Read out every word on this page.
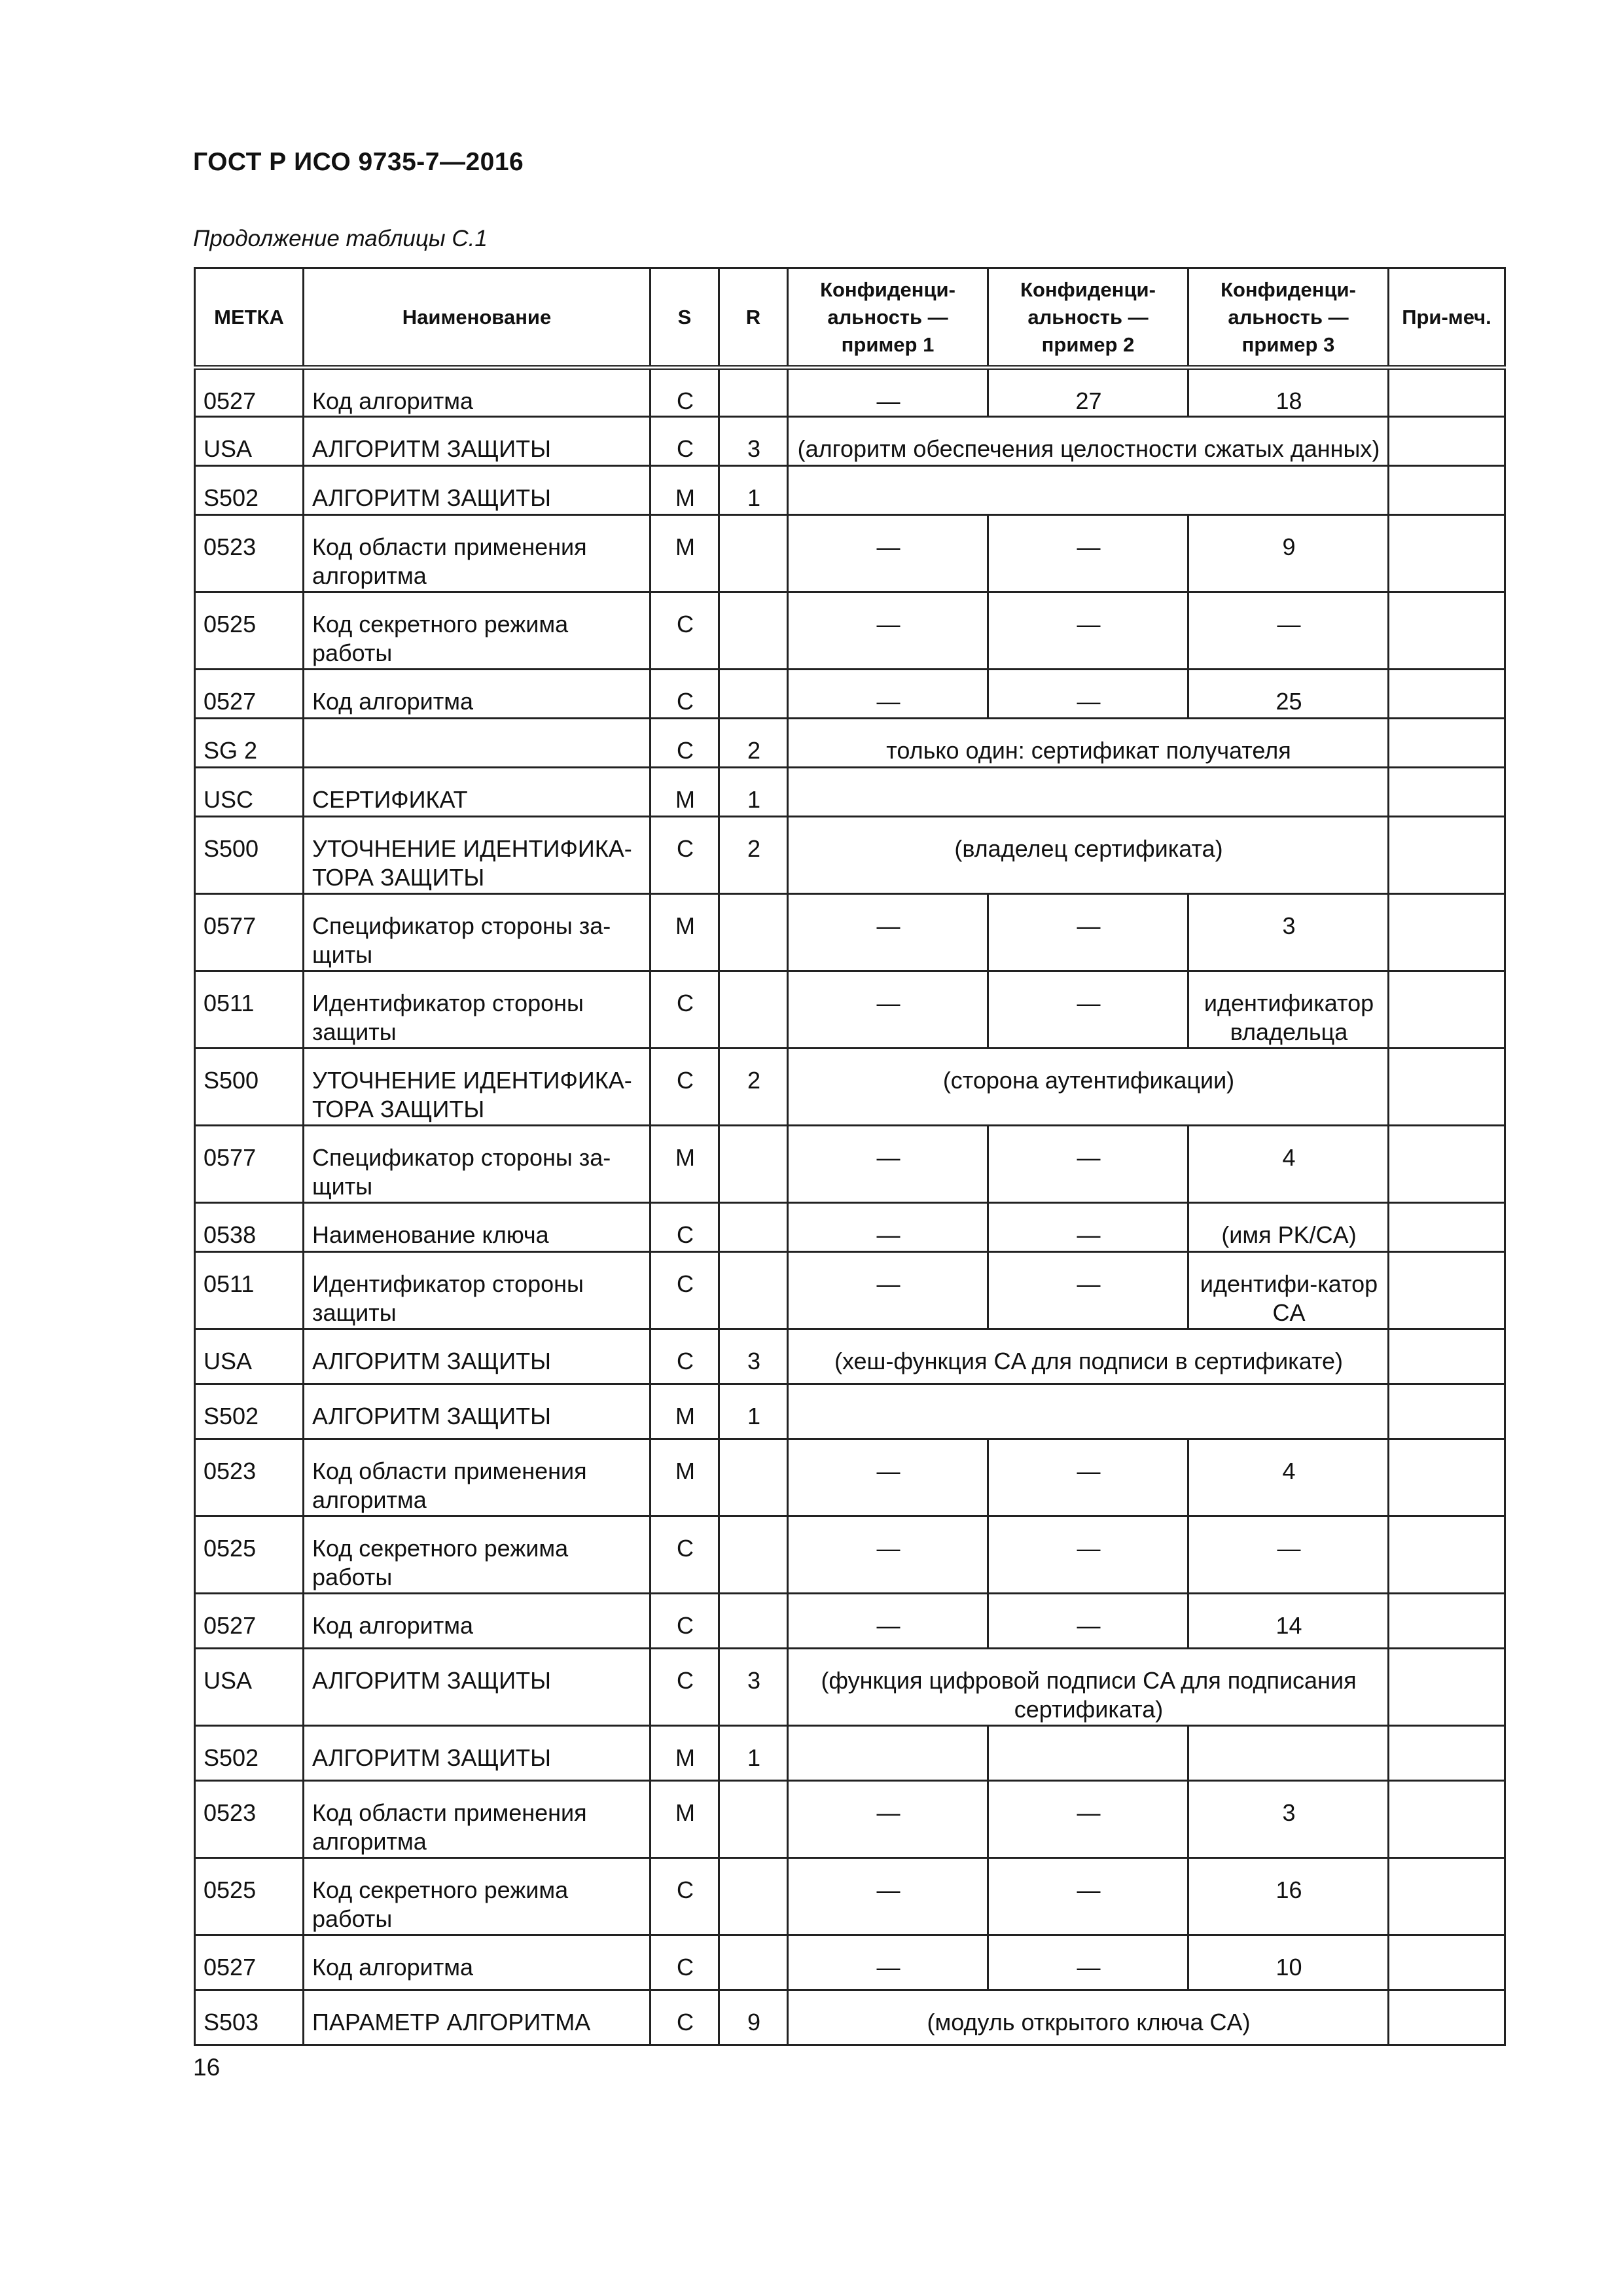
ГОСТ Р ИСО 9735-7—2016
Продолжение таблицы С.1
МЕТКА	Наименование	S	R	Конфиденци-альность — пример 1	Конфиденци-альность — пример 2	Конфиденци-альность — пример 3	При-меч.
0527	Код алгоритма	C		—	27	18	
USA	АЛГОРИТМ ЗАЩИТЫ	C	3	(алгоритм обеспечения целостности сжатых данных)			
S502	АЛГОРИТМ ЗАЩИТЫ	M	1				
0523	Код области применения алгоритма	M		—	—	9	
0525	Код секретного режима работы	C		—	—	—	
0527	Код алгоритма	C		—	—	25	
SG 2		C	2	только один: сертификат получателя			
USC	СЕРТИФИКАТ	M	1				
S500	УТОЧНЕНИЕ ИДЕНТИФИКА-ТОРА ЗАЩИТЫ	C	2	(владелец сертификата)			
0577	Спецификатор стороны за-щиты	M		—	—	3	
0511	Идентификатор стороны защиты	C		—	—	идентификатор владельца	
S500	УТОЧНЕНИЕ ИДЕНТИФИКА-ТОРА ЗАЩИТЫ	C	2	(сторона аутентификации)			
0577	Спецификатор стороны за-щиты	M		—	—	4	
0538	Наименование ключа	C		—	—	(имя PK/CA)	
0511	Идентификатор стороны защиты	C		—	—	идентифи-катор CA	
USA	АЛГОРИТМ ЗАЩИТЫ	C	3	(хеш-функция CA для подписи в сертификате)			
S502	АЛГОРИТМ ЗАЩИТЫ	M	1				
0523	Код области применения алгоритма	M		—	—	4	
0525	Код секретного режима работы	C		—	—	—	
0527	Код алгоритма	C		—	—	14	
USA	АЛГОРИТМ ЗАЩИТЫ	C	3	(функция цифровой подписи CA для подписания сертификата)			
S502	АЛГОРИТМ ЗАЩИТЫ	M	1				
0523	Код области применения алгоритма	M		—	—	3	
0525	Код секретного режима работы	C		—	—	16	
0527	Код алгоритма	C		—	—	10	
S503	ПАРАМЕТР АЛГОРИТМА	C	9	(модуль открытого ключа CA)			
16
